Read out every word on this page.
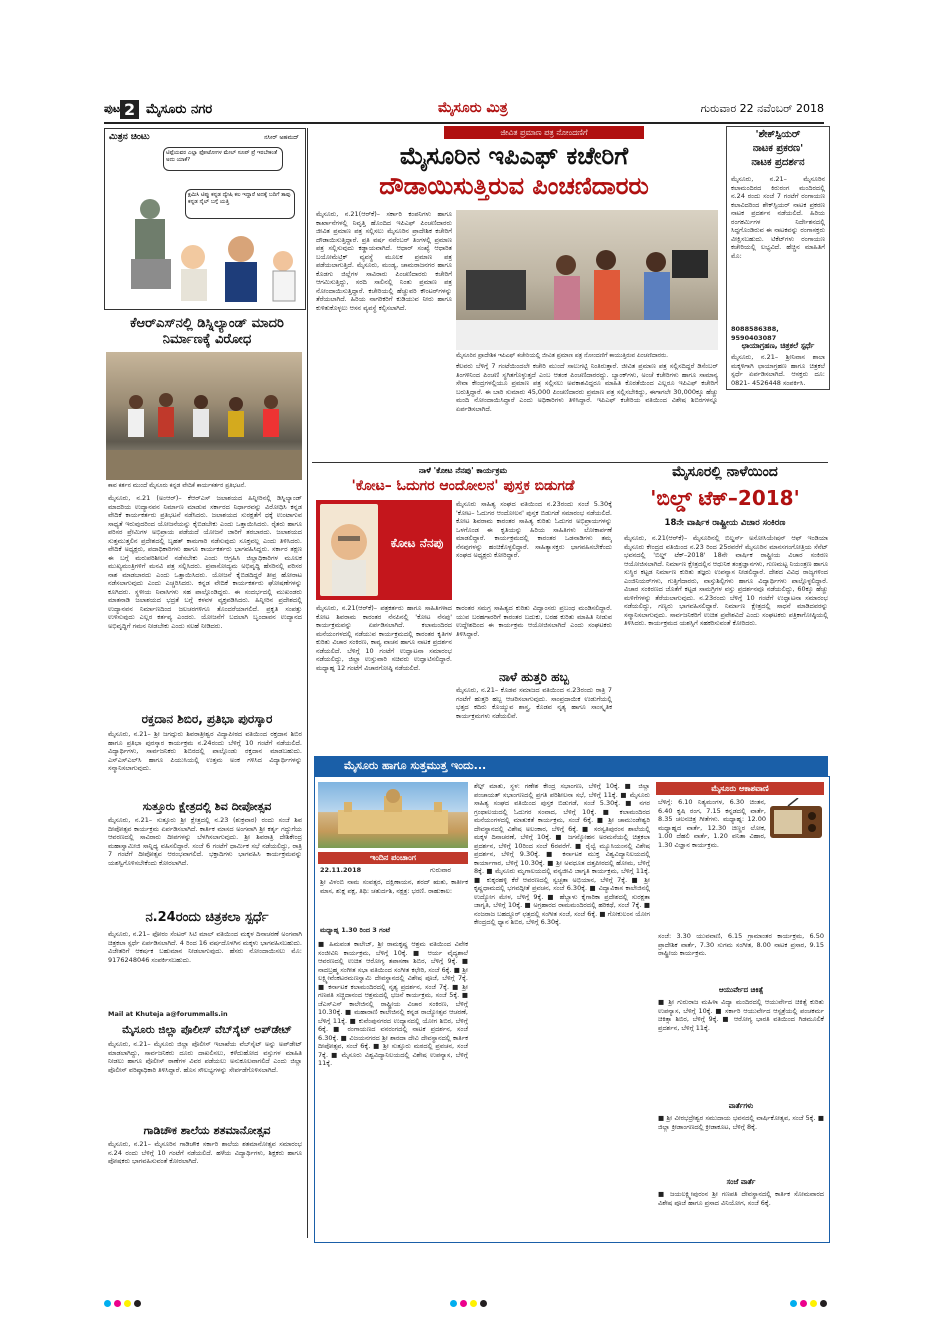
ಪುಟ 2 ಮೈಸೂರು ನಗರ	ಮೈಸೂರು ಮಿತ್ರ	ಗುರುವಾರ 22 ನವೆಂಬರ್ 2018
ಮಿತ್ರನ ಚಿಂಟು	ನಸೀರ್ ಅಹಮದ್
ಟಿಪ್ಪೆಯವರ ಎಲ್ಲಾ ಫೋಟೋಗಳ ಮೇಲ್ ಸೂಪ್ ಪ್ರೆ ಇರಬೇಕಂತೆ ಅದು ಯಾಕೆ?
ಕ್ಷಮಿಸಿ ಟಿಪ್ಪು ಕನ್ನಡ ದ್ವೇಷಿ ಕಲ ಇದ್ದಾರೆ ಅದಕ್ಕೆ ಬದಿಗೆ ತಾವು ಕನ್ನಡ ನೈಲ್ ಬಗ್ಗೆ ಯತ್ತಿ
ಕೆಆರ್‌ಎಸ್‌ನಲ್ಲಿ ಡಿಸ್ನಿಲ್ಯಾಂಡ್ ಮಾದರಿ ನಿರ್ಮಾಣಕ್ಕೆ ವಿರೋಧ
ಕಾವ ಕರ್ತನ ಮುಂದೆ ಮೈಸೂರು ಕನ್ನಡ ವೇದಿಕೆ ಕಾರ್ಯಕರ್ತರ ಪ್ರತಿಭಟನೆ.
ಮೈಸೂರು, ನ.21 (ಅಂಆರ್)– ಕೆಆರ್‌ಎಸ್ ಜಲಾಶಯದ ಹಿನ್ನೀರಿನಲ್ಲಿ ಡಿಸ್ನಿಲ್ಯಾಂಡ್ ಮಾದರಿಯ ಉದ್ಯಾನವನ ನಿರ್ಮಾಣ ಮಾಡುವ ಸರ್ಕಾರದ ನಿರ್ಧಾರವನ್ನು ವಿರೋಧಿಸಿ ಕನ್ನಡ ವೇದಿಕೆ ಕಾರ್ಯಕರ್ತರು ಪ್ರತಿಭಟನೆ ನಡೆಸಿದರು. ಜಲಾಶಯದ ಸುರಕ್ಷತೆಗೆ ಧಕ್ಕೆ ಉಂಟಾಗುವ ಸಾಧ್ಯತೆ ಇರುವುದರಿಂದ ಯೋಜನೆಯನ್ನು ಕೈಬಿಡಬೇಕು ಎಂದು ಒತ್ತಾಯಿಸಿದರು. ರೈತರು ಹಾಗೂ ಪರಿಸರ ಪ್ರೇಮಿಗಳ ಅಭಿಪ್ರಾಯ ಪಡೆಯದೆ ಯೋಜನೆ ಜಾರಿಗೆ ತರಬಾರದು. ಜಲಾಶಯದ ಸುತ್ತಮುತ್ತಲಿನ ಪ್ರದೇಶದಲ್ಲಿ ಬೃಹತ್ ಕಾಮಗಾರಿ ನಡೆಸುವುದು ಸೂಕ್ತವಲ್ಲ ಎಂದು ತಿಳಿಸಿದರು. ವೇದಿಕೆ ಅಧ್ಯಕ್ಷರು, ಪದಾಧಿಕಾರಿಗಳು ಹಾಗೂ ಕಾರ್ಯಕರ್ತರು ಭಾಗವಹಿಸಿದ್ದರು. ಸರ್ಕಾರ ತಕ್ಷಣ ಈ ಬಗ್ಗೆ ಮರುಪರಿಶೀಲನೆ ನಡೆಸಬೇಕು ಎಂದು ಆಗ್ರಹಿಸಿ ಜಿಲ್ಲಾಧಿಕಾರಿಗಳ ಮೂಲಕ ಮುಖ್ಯಮಂತ್ರಿಗಳಿಗೆ ಮನವಿ ಪತ್ರ ಸಲ್ಲಿಸಿದರು. ಪ್ರವಾಸೋದ್ಯಮ ಅಭಿವೃದ್ಧಿ ಹೆಸರಿನಲ್ಲಿ ಪರಿಸರ ನಾಶ ಮಾಡಬಾರದು ಎಂದು ಒತ್ತಾಯಿಸಿದರು. ಯೋಜನೆ ಕೈಬಿಡದಿದ್ದರೆ ತೀವ್ರ ಹೋರಾಟ ನಡೆಸಲಾಗುವುದು ಎಂದು ಎಚ್ಚರಿಸಿದರು. ಕನ್ನಡ ವೇದಿಕೆ ಕಾರ್ಯಕರ್ತರು ಘೋಷಣೆಗಳನ್ನು ಕೂಗಿದರು. ಸ್ಥಳೀಯ ನಿವಾಸಿಗಳು ಸಹ ಪಾಲ್ಗೊಂಡಿದ್ದರು. ಈ ಸಂದರ್ಭದಲ್ಲಿ ಮುಖಂಡರು ಮಾತನಾಡಿ ಜಲಾಶಯದ ಭದ್ರತೆ ಬಗ್ಗೆ ಕಳವಳ ವ್ಯಕ್ತಪಡಿಸಿದರು. ಹಿನ್ನೀರಿನ ಪ್ರದೇಶದಲ್ಲಿ ಉದ್ಯಾನವನ ನಿರ್ಮಾಣದಿಂದ ಜಲಚರಗಳಿಗೂ ತೊಂದರೆಯಾಗಲಿದೆ. ಪ್ರಕೃತಿ ಸಂಪತ್ತು ಉಳಿಸುವುದು ಎಲ್ಲರ ಕರ್ತವ್ಯ ಎಂದರು. ಯೋಜನೆಗೆ ಬದಲಾಗಿ ಬೃಂದಾವನ ಉದ್ಯಾನದ ಅಭಿವೃದ್ಧಿಗೆ ಗಮನ ನೀಡಬೇಕು ಎಂದು ಸಲಹೆ ನೀಡಿದರು.
ರಕ್ತದಾನ ಶಿಬಿರ, ಪ್ರತಿಭಾ ಪುರಸ್ಕಾರ
ಮೈಸೂರು, ನ.21– ಶ್ರೀ ಜಗದ್ಗುರು ಶಿವರಾತ್ರೀಶ್ವರ ವಿದ್ಯಾಪೀಠದ ವತಿಯಿಂದ ರಕ್ತದಾನ ಶಿಬಿರ ಹಾಗೂ ಪ್ರತಿಭಾ ಪುರಸ್ಕಾರ ಕಾರ್ಯಕ್ರಮ ನ.24ರಂದು ಬೆಳಿಗ್ಗೆ 10 ಗಂಟೆಗೆ ನಡೆಯಲಿದೆ. ವಿದ್ಯಾರ್ಥಿಗಳು, ಸಾರ್ವಜನಿಕರು ಶಿಬಿರದಲ್ಲಿ ಪಾಲ್ಗೊಂಡು ರಕ್ತದಾನ ಮಾಡಬಹುದು. ಎಸ್‌ಎಸ್‌ಎಲ್‌ಸಿ ಹಾಗೂ ಪಿಯುಸಿಯಲ್ಲಿ ಉತ್ತಮ ಅಂಕ ಗಳಿಸಿದ ವಿದ್ಯಾರ್ಥಿಗಳನ್ನು ಸನ್ಮಾನಿಸಲಾಗುವುದು.
ಸುತ್ತೂರು ಕ್ಷೇತ್ರದಲ್ಲಿ ಶಿವ ದೀಪೋತ್ಸವ
ಮೈಸೂರು, ನ.21– ಸುತ್ತೂರು ಶ್ರೀ ಕ್ಷೇತ್ರದಲ್ಲಿ ನ.23 (ಶುಕ್ರವಾರ) ರಂದು ಸಂಜೆ ಶಿವ ದೀಪೋತ್ಸವ ಕಾರ್ಯಕ್ರಮ ಏರ್ಪಡಿಸಲಾಗಿದೆ. ಕಾರ್ತಿಕ ಮಾಸದ ಅಂಗವಾಗಿ ಶ್ರೀ ಕರ್ತೃ ಗದ್ದುಗೆಯ ಆವರಣದಲ್ಲಿ ಸಾವಿರಾರು ದೀಪಗಳನ್ನು ಬೆಳಗಿಸಲಾಗುವುದು. ಶ್ರೀ ಶಿವರಾತ್ರಿ ದೇಶಿಕೇಂದ್ರ ಮಹಾಸ್ವಾಮೀಜಿ ಸಾನ್ನಿಧ್ಯ ವಹಿಸಲಿದ್ದಾರೆ. ಸಂಜೆ 6 ಗಂಟೆಗೆ ಧಾರ್ಮಿಕ ಸಭೆ ನಡೆಯಲಿದ್ದು, ರಾತ್ರಿ 7 ಗಂಟೆಗೆ ದೀಪೋತ್ಸವ ಆರಂಭವಾಗಲಿದೆ. ಭಕ್ತಾದಿಗಳು ಭಾಗವಹಿಸಿ ಕಾರ್ಯಕ್ರಮವನ್ನು ಯಶಸ್ವಿಗೊಳಿಸಬೇಕೆಂದು ಕೋರಲಾಗಿದೆ.
ನ.24ರಂದು ಚಿತ್ರಕಲಾ ಸ್ಪರ್ಧೆ
ಮೈಸೂರು, ನ.21– ಫೋರಂ ಸೆಂಟರ್ ಸಿಟಿ ಮಾಲ್ ವತಿಯಿಂದ ಮಕ್ಕಳ ದಿನಾಚರಣೆ ಅಂಗವಾಗಿ ಚಿತ್ರಕಲಾ ಸ್ಪರ್ಧೆ ಏರ್ಪಡಿಸಲಾಗಿದೆ. 4 ರಿಂದ 16 ವರ್ಷದೊಳಗಿನ ಮಕ್ಕಳು ಭಾಗವಹಿಸಬಹುದು. ವಿಜೇತರಿಗೆ ಆಕರ್ಷಕ ಬಹುಮಾನ ನೀಡಲಾಗುವುದು. ಹೆಸರು ನೋಂದಾಯಿಸಲು ಮೊ: 9176248046 ಸಂಪರ್ಕಿಸಬಹುದು.
Mail at Khuteja a@forummalls.in
ಮೈಸೂರು ಜಿಲ್ಲಾ ಪೊಲೀಸ್ ವೆಬ್‌ಸೈಟ್ ಅಪ್‌ಡೇಟ್
ಮೈಸೂರು, ನ.21– ಮೈಸೂರು ಜಿಲ್ಲಾ ಪೊಲೀಸ್ ಇಲಾಖೆಯ ವೆಬ್‌ಸೈಟ್ ಅನ್ನು ಅಪ್‌ಡೇಟ್ ಮಾಡಲಾಗಿದ್ದು, ಸಾರ್ವಜನಿಕರು ದೂರು ದಾಖಲಿಸಲು, ಕಳೆದುಹೋದ ವಸ್ತುಗಳ ಮಾಹಿತಿ ನೀಡಲು ಹಾಗೂ ಪೊಲೀಸ್ ಠಾಣೆಗಳ ವಿವರ ಪಡೆಯಲು ಅನುಕೂಲವಾಗಲಿದೆ ಎಂದು ಜಿಲ್ಲಾ ಪೊಲೀಸ್ ವರಿಷ್ಠಾಧಿಕಾರಿ ತಿಳಿಸಿದ್ದಾರೆ. ಹೊಸ ಸೌಲಭ್ಯಗಳನ್ನು ಸೇರ್ಪಡೆಗೊಳಿಸಲಾಗಿದೆ.
ಗಾಡಿಚೌಕ ಶಾಲೆಯ ಶತಮಾನೋತ್ಸವ
ಮೈಸೂರು, ನ.21– ಮೈಸೂರಿನ ಗಾಡಿಚೌಕ ಸರ್ಕಾರಿ ಶಾಲೆಯ ಶತಮಾನೋತ್ಸವ ಸಮಾರಂಭ ನ.24 ರಂದು ಬೆಳಿಗ್ಗೆ 10 ಗಂಟೆಗೆ ನಡೆಯಲಿದೆ. ಹಳೆಯ ವಿದ್ಯಾರ್ಥಿಗಳು, ಶಿಕ್ಷಕರು ಹಾಗೂ ಪೋಷಕರು ಭಾಗವಹಿಸುವಂತೆ ಕೋರಲಾಗಿದೆ.
ಜೀವಿತ ಪ್ರಮಾಣ ಪತ್ರ ನೋಂದಣಿಗೆ
ಮೈಸೂರಿನ ಇಪಿಎಫ್ ಕಚೇರಿಗೆ
ದೌಡಾಯಿಸುತ್ತಿರುವ ಪಿಂಚಣಿದಾರರು
ಮೈಸೂರು, ನ.21(ಆರ್‌ಕೆ)– ಸರ್ಕಾರಿ ಕಂಪನಿಗಳು ಹಾಗೂ ಕಾರ್ಖಾನೆಗಳಲ್ಲಿ ನಿವೃತ್ತಿ ಹೊಂದಿದ ಇಪಿಎಫ್ ಪಿಂಚಣಿದಾರರು ಜೀವಿತ ಪ್ರಮಾಣ ಪತ್ರ ಸಲ್ಲಿಸಲು ಮೈಸೂರಿನ ಪ್ರಾದೇಶಿಕ ಕಚೇರಿಗೆ ದೌಡಾಯಿಸುತ್ತಿದ್ದಾರೆ. ಪ್ರತಿ ವರ್ಷ ನವೆಂಬರ್ ತಿಂಗಳಲ್ಲಿ ಪ್ರಮಾಣ ಪತ್ರ ಸಲ್ಲಿಸುವುದು ಕಡ್ಡಾಯವಾಗಿದೆ. ಆಧಾರ್ ಸಂಖ್ಯೆ ಆಧಾರಿತ ಬಯೋಮೆಟ್ರಿಕ್ ವ್ಯವಸ್ಥೆ ಮೂಲಕ ಪ್ರಮಾಣ ಪತ್ರ ಪಡೆಯಲಾಗುತ್ತಿದೆ. ಮೈಸೂರು, ಮಂಡ್ಯ, ಚಾಮರಾಜನಗರ ಹಾಗೂ ಕೊಡಗು ಜಿಲ್ಲೆಗಳ ಸಾವಿರಾರು ಪಿಂಚಣಿದಾರರು ಕಚೇರಿಗೆ ಆಗಮಿಸುತ್ತಿದ್ದು, ಸರದಿ ಸಾಲಿನಲ್ಲಿ ನಿಂತು ಪ್ರಮಾಣ ಪತ್ರ ನೋಂದಾಯಿಸುತ್ತಿದ್ದಾರೆ. ಕಚೇರಿಯಲ್ಲಿ ಹೆಚ್ಚುವರಿ ಕೌಂಟರ್‌ಗಳನ್ನು ತೆರೆಯಲಾಗಿದೆ. ಹಿರಿಯ ನಾಗರಿಕರಿಗೆ ಕುಡಿಯುವ ನೀರು ಹಾಗೂ ಕುಳಿತುಕೊಳ್ಳಲು ಆಸನ ವ್ಯವಸ್ಥೆ ಕಲ್ಪಿಸಲಾಗಿದೆ.
ಮೈಸೂರಿನ ಪ್ರಾದೇಶಿಕ ಇಪಿಎಫ್ ಕಚೇರಿಯಲ್ಲಿ ಜೀವಿತ ಪ್ರಮಾಣ ಪತ್ರ ನೋಂದಣಿಗೆ ಕಾಯುತ್ತಿರುವ ಪಿಂಚಣಿದಾರರು.
ಕೆಲವರು ಬೆಳಿಗ್ಗೆ 7 ಗಂಟೆಯಿಂದಲೇ ಕಚೇರಿ ಮುಂದೆ ಸಾಲುಗಟ್ಟಿ ನಿಂತಿರುತ್ತಾರೆ. ಜೀವಿತ ಪ್ರಮಾಣ ಪತ್ರ ಸಲ್ಲಿಸದಿದ್ದರೆ ಡಿಸೆಂಬರ್ ತಿಂಗಳಿನಿಂದ ಪಿಂಚಣಿ ಸ್ಥಗಿತಗೊಳ್ಳುತ್ತದೆ ಎಂಬ ಆತಂಕ ಪಿಂಚಣಿದಾರರದ್ದು. ಬ್ಯಾಂಕ್‌ಗಳು, ಅಂಚೆ ಕಚೇರಿಗಳು ಹಾಗೂ ಸಾಮಾನ್ಯ ಸೇವಾ ಕೇಂದ್ರಗಳಲ್ಲಿಯೂ ಪ್ರಮಾಣ ಪತ್ರ ಸಲ್ಲಿಸಲು ಅವಕಾಶವಿದ್ದರೂ ಮಾಹಿತಿ ಕೊರತೆಯಿಂದ ಎಲ್ಲರೂ ಇಪಿಎಫ್ ಕಚೇರಿಗೆ ಬರುತ್ತಿದ್ದಾರೆ. ಈ ಬಾರಿ ಸುಮಾರು 45,000 ಪಿಂಚಣಿದಾರರು ಪ್ರಮಾಣ ಪತ್ರ ಸಲ್ಲಿಸಬೇಕಿದ್ದು, ಈಗಾಗಲೇ 30,000ಕ್ಕೂ ಹೆಚ್ಚು ಮಂದಿ ನೋಂದಾಯಿಸಿದ್ದಾರೆ ಎಂದು ಅಧಿಕಾರಿಗಳು ತಿಳಿಸಿದ್ದಾರೆ. ಇಪಿಎಫ್ ಕಚೇರಿಯ ವತಿಯಿಂದ ವಿಶೇಷ ಶಿಬಿರಗಳನ್ನೂ ಏರ್ಪಡಿಸಲಾಗಿದೆ.
'ಶೇಕ್‌ಸ್ಪಿಯರ್
ನಾಟಕ ಪ್ರಕರಣ'
ನಾಟಕ ಪ್ರದರ್ಶನ
ಮೈಸೂರು, ನ.21– ಮೈಸೂರಿನ ಕಲಾಮಂದಿರದ ಕಿರುರಂಗ ಮಂದಿರದಲ್ಲಿ ನ.24 ರಂದು ಸಂಜೆ 7 ಗಂಟೆಗೆ ರಂಗಾಯಣ ಕಲಾವಿದರಿಂದ ಶೇಕ್‌ಸ್ಪಿಯರ್ ನಾಟಕ ಪ್ರಕರಣ ನಾಟಕ ಪ್ರದರ್ಶನ ನಡೆಯಲಿದೆ. ಹಿರಿಯ ರಂಗಕರ್ಮಿಗಳ ನಿರ್ದೇಶನದಲ್ಲಿ ಸಿದ್ಧಗೊಂಡಿರುವ ಈ ನಾಟಕವನ್ನು ರಂಗಾಸಕ್ತರು ವೀಕ್ಷಿಸಬಹುದು. ಟಿಕೆಟ್‌ಗಳು ರಂಗಾಯಣ ಕಚೇರಿಯಲ್ಲಿ ಲಭ್ಯವಿದೆ. ಹೆಚ್ಚಿನ ಮಾಹಿತಿಗೆ ಮೊ:
8088586388, 9590403087
ಛಾಯಾಗ್ರಹಣ, ಚಿತ್ರಕಲೆ ಸ್ಪರ್ಧೆ
ಮೈಸೂರು, ನ.21– ಶ್ರೀನಿವಾಸ ಶಾಲಾ ಮಕ್ಕಳಿಗಾಗಿ ಛಾಯಾಗ್ರಹಣ ಹಾಗೂ ಚಿತ್ರಕಲೆ ಸ್ಪರ್ಧೆ ಏರ್ಪಡಿಸಲಾಗಿದೆ. ಆಸಕ್ತರು ದೂ: 0821- 4526448 ಸಂಪರ್ಕಿಸಿ.
ನಾಳೆ 'ಕೋಟ ನೆನಪು' ಕಾರ್ಯಕ್ರಮ
'ಕೋಟ– ಓದುಗರ ಆಂದೋಲನ' ಪುಸ್ತಕ ಬಿಡುಗಡೆ
ಕೋಟ ನೆನಪು
ಮೈಸೂರು ಸಾಹಿತ್ಯ ಸಂಘದ ವತಿಯಿಂದ ನ.23ರಂದು ಸಂಜೆ 5.30ಕ್ಕೆ 'ಕೋಟ– ಓದುಗರ ಆಂದೋಲನ' ಪುಸ್ತಕ ಬಿಡುಗಡೆ ಸಮಾರಂಭ ನಡೆಯಲಿದೆ. ಕೋಟ ಶಿವರಾಮ ಕಾರಂತರ ಸಾಹಿತ್ಯ ಕುರಿತು ಓದುಗರ ಅಭಿಪ್ರಾಯಗಳನ್ನು ಒಳಗೊಂಡ ಈ ಕೃತಿಯನ್ನು ಹಿರಿಯ ಸಾಹಿತಿಗಳು ಲೋಕಾರ್ಪಣೆ ಮಾಡಲಿದ್ದಾರೆ. ಕಾರ್ಯಕ್ರಮದಲ್ಲಿ ಕಾರಂತರ ಒಡನಾಡಿಗಳು ತಮ್ಮ ನೆನಪುಗಳನ್ನು ಹಂಚಿಕೊಳ್ಳಲಿದ್ದಾರೆ. ಸಾಹಿತ್ಯಾಸಕ್ತರು ಭಾಗವಹಿಸಬೇಕೆಂದು ಸಂಘದ ಅಧ್ಯಕ್ಷರು ಕೋರಿದ್ದಾರೆ.
ಮೈಸೂರು, ನ.21(ಆರ್‌ಕೆ)– ಪತ್ರಕರ್ತರು ಹಾಗೂ ಸಾಹಿತಿಗಳಾದ ಕೋಟ ಶಿವರಾಮ ಕಾರಂತರ ನೆನಪಿನಲ್ಲಿ 'ಕೋಟ ನೆನಪು' ಕಾರ್ಯಕ್ರಮವನ್ನು ಏರ್ಪಡಿಸಲಾಗಿದೆ. ಕಲಾಮಂದಿರದ ಮನೆಯಂಗಳದಲ್ಲಿ ನಡೆಯುವ ಕಾರ್ಯಕ್ರಮದಲ್ಲಿ ಕಾರಂತರ ಕೃತಿಗಳ ಕುರಿತು ವಿಚಾರ ಸಂಕಿರಣ, ಕಾವ್ಯ ವಾಚನ ಹಾಗೂ ನಾಟಕ ಪ್ರದರ್ಶನ ನಡೆಯಲಿದೆ. ಬೆಳಿಗ್ಗೆ 10 ಗಂಟೆಗೆ ಉದ್ಘಾಟನಾ ಸಮಾರಂಭ ನಡೆಯಲಿದ್ದು, ಜಿಲ್ಲಾ ಉಸ್ತುವಾರಿ ಸಚಿವರು ಉದ್ಘಾಟಿಸಲಿದ್ದಾರೆ. ಮಧ್ಯಾಹ್ನ 12 ಗಂಟೆಗೆ ವಿಚಾರಗೋಷ್ಠಿ ನಡೆಯಲಿದೆ.
ಕಾರಂತರ ಸಮಗ್ರ ಸಾಹಿತ್ಯದ ಕುರಿತು ವಿದ್ವಾಂಸರು ಪ್ರಬಂಧ ಮಂಡಿಸಲಿದ್ದಾರೆ. ಯುವ ಬರಹಗಾರರಿಗೆ ಕಾರಂತರ ಬದುಕು, ಬರಹ ಕುರಿತು ಮಾಹಿತಿ ನೀಡುವ ಉದ್ದೇಶದಿಂದ ಈ ಕಾರ್ಯಕ್ರಮ ಆಯೋಜಿಸಲಾಗಿದೆ ಎಂದು ಸಂಘಟಕರು ತಿಳಿಸಿದ್ದಾರೆ.
ನಾಳೆ ಹುತ್ತರಿ ಹಬ್ಬ
ಮೈಸೂರು, ನ.21– ಕೊಡವ ಸಮಾಜದ ವತಿಯಿಂದ ನ.23ರಂದು ರಾತ್ರಿ 7 ಗಂಟೆಗೆ ಹುತ್ತರಿ ಹಬ್ಬ ಆಚರಿಸಲಾಗುವುದು. ಸಾಂಪ್ರದಾಯಿಕ ಉಡುಗೆಯಲ್ಲಿ ಭತ್ತದ ಕದಿರು ಕೊಯ್ಯುವ ಶಾಸ್ತ್ರ, ಕೊಡವ ನೃತ್ಯ ಹಾಗೂ ಸಾಂಸ್ಕೃತಿಕ ಕಾರ್ಯಕ್ರಮಗಳು ನಡೆಯಲಿವೆ.
ಮೈಸೂರಲ್ಲಿ ನಾಳೆಯಿಂದ
'ಬಿಲ್ಡ್ ಟೆಕ್–2018'
18ನೇ ವಾರ್ಷಿಕ ರಾಷ್ಟ್ರೀಯ ವಿಚಾರ ಸಂಕಿರಣ
ಮೈಸೂರು, ನ.21(ಆರ್‌ಕೆ)– ಮೈಸೂರಿನಲ್ಲಿ ಬಿಲ್ಡರ್ಸ್ ಅಸೋಸಿಯೇಷನ್ ಆಫ್ ಇಂಡಿಯಾ ಮೈಸೂರು ಕೇಂದ್ರದ ವತಿಯಿಂದ ನ.23 ರಿಂದ 25ರವರೆಗೆ ಮೈಸೂರಿನ ಮಾನಸಗಂಗೋತ್ರಿಯ ಸೆನೆಟ್ ಭವನದಲ್ಲಿ 'ಬಿಲ್ಡ್ ಟೆಕ್–2018' 18ನೇ ವಾರ್ಷಿಕ ರಾಷ್ಟ್ರೀಯ ವಿಚಾರ ಸಂಕಿರಣ ಆಯೋಜಿಸಲಾಗಿದೆ. ನಿರ್ಮಾಣ ಕ್ಷೇತ್ರದಲ್ಲಿನ ಆಧುನಿಕ ತಂತ್ರಜ್ಞಾನಗಳು, ಗುಣಮಟ್ಟ ನಿಯಂತ್ರಣ ಹಾಗೂ ಸುಸ್ಥಿರ ಕಟ್ಟಡ ನಿರ್ಮಾಣ ಕುರಿತು ತಜ್ಞರು ಉಪನ್ಯಾಸ ನೀಡಲಿದ್ದಾರೆ. ದೇಶದ ವಿವಿಧ ರಾಜ್ಯಗಳಿಂದ ಎಂಜಿನಿಯರ್‌ಗಳು, ಗುತ್ತಿಗೆದಾರರು, ವಾಸ್ತುಶಿಲ್ಪಿಗಳು ಹಾಗೂ ವಿದ್ಯಾರ್ಥಿಗಳು ಪಾಲ್ಗೊಳ್ಳಲಿದ್ದಾರೆ. ವಿಚಾರ ಸಂಕಿರಣದ ಜೊತೆಗೆ ಕಟ್ಟಡ ಸಾಮಗ್ರಿಗಳ ವಸ್ತು ಪ್ರದರ್ಶನವೂ ನಡೆಯಲಿದ್ದು, 60ಕ್ಕೂ ಹೆಚ್ಚು ಮಳಿಗೆಗಳನ್ನು ತೆರೆಯಲಾಗುವುದು. ನ.23ರಂದು ಬೆಳಿಗ್ಗೆ 10 ಗಂಟೆಗೆ ಉದ್ಘಾಟನಾ ಸಮಾರಂಭ ನಡೆಯಲಿದ್ದು, ಗಣ್ಯರು ಭಾಗವಹಿಸಲಿದ್ದಾರೆ. ನಿರ್ಮಾಣ ಕ್ಷೇತ್ರದಲ್ಲಿ ಸಾಧನೆ ಮಾಡಿದವರನ್ನು ಸನ್ಮಾನಿಸಲಾಗುವುದು. ಸಾರ್ವಜನಿಕರಿಗೆ ಉಚಿತ ಪ್ರವೇಶವಿದೆ ಎಂದು ಸಂಘಟಕರು ಪತ್ರಿಕಾಗೋಷ್ಠಿಯಲ್ಲಿ ತಿಳಿಸಿದರು. ಕಾರ್ಯಕ್ರಮದ ಯಶಸ್ಸಿಗೆ ಸಹಕರಿಸುವಂತೆ ಕೋರಿದರು.
ಮೈಸೂರು ಹಾಗೂ ಸುತ್ತಮುತ್ತ ಇಂದು...
ಇಂದಿನ ಪಂಚಾಂಗ
22.11.2018	ಗುರುವಾರ
ಶ್ರೀ ವಿಳಂಬಿ ನಾಮ ಸಂವತ್ಸರ, ದಕ್ಷಿಣಾಯನ, ಶರದ್ ಋತು, ಕಾರ್ತೀಕ ಮಾಸ, ಶುಕ್ಲ ಪಕ್ಷ, ತಿಥಿ: ಚತುರ್ದಶಿ, ನಕ್ಷತ್ರ: ಭರಣಿ. ರಾಹುಕಾಲ:
ಮಧ್ಯಾಹ್ನ 1.30 ರಿಂದ 3 ಗಂಟೆ
■ ಹಿಮವಂತ ಕಾಲೇಜ್, ಶ್ರೀ ರಾಮಕೃಷ್ಣ ಆಶ್ರಮ ವತಿಯಿಂದ ವಿವೇಕ ಸಂಜೀವಿನಿ ಕಾರ್ಯಕ್ರಮ, ಬೆಳಿಗ್ಗೆ 10ಕ್ಕೆ. ■ ಆರ್ಯ ವೈದ್ಯಶಾಲೆ ಆವರಣದಲ್ಲಿ ಉಚಿತ ಆರೋಗ್ಯ ತಪಾಸಣಾ ಶಿಬಿರ, ಬೆಳಿಗ್ಗೆ 9ಕ್ಕೆ. ■ ನಾದಬ್ರಹ್ಮ ಸಂಗೀತ ಸಭಾ ವತಿಯಿಂದ ಸಂಗೀತ ಕಛೇರಿ, ಸಂಜೆ 6ಕ್ಕೆ. ■ ಶ್ರೀ ಲಕ್ಷ್ಮೀವೆಂಕಟರಮಣಸ್ವಾಮಿ ದೇವಸ್ಥಾನದಲ್ಲಿ ವಿಶೇಷ ಪೂಜೆ, ಬೆಳಿಗ್ಗೆ 7ಕ್ಕೆ. ■ ಕರ್ನಾಟಕ ಕಲಾಮಂದಿರದಲ್ಲಿ ನೃತ್ಯ ಪ್ರದರ್ಶನ, ಸಂಜೆ 7ಕ್ಕೆ. ■ ಶ್ರೀ ಗಣಪತಿ ಸಚ್ಚಿದಾನಂದ ಆಶ್ರಮದಲ್ಲಿ ಭಜನೆ ಕಾರ್ಯಕ್ರಮ, ಸಂಜೆ 5ಕ್ಕೆ. ■ ಜೆಎಸ್‌ಎಸ್ ಕಾಲೇಜಿನಲ್ಲಿ ರಾಷ್ಟ್ರೀಯ ವಿಚಾರ ಸಂಕಿರಣ, ಬೆಳಿಗ್ಗೆ 10.30ಕ್ಕೆ. ■ ಮಹಾರಾಣಿ ಕಾಲೇಜಿನಲ್ಲಿ ಕನ್ನಡ ರಾಜ್ಯೋತ್ಸವ ಆಚರಣೆ, ಬೆಳಿಗ್ಗೆ 11ಕ್ಕೆ. ■ ಕುವೆಂಪುನಗರದ ಉದ್ಯಾನದಲ್ಲಿ ಯೋಗ ಶಿಬಿರ, ಬೆಳಿಗ್ಗೆ 6ಕ್ಕೆ. ■ ರಂಗಾಯಣದ ವನರಂಗದಲ್ಲಿ ನಾಟಕ ಪ್ರದರ್ಶನ, ಸಂಜೆ 6.30ಕ್ಕೆ. ■ ವಿಜಯನಗರದ ಶ್ರೀ ಶಾರದಾ ದೇವಿ ದೇವಸ್ಥಾನದಲ್ಲಿ ಕಾರ್ತಿಕ ದೀಪೋತ್ಸವ, ಸಂಜೆ 6ಕ್ಕೆ. ■ ಶ್ರೀ ಸುತ್ತೂರು ಮಠದಲ್ಲಿ ಪ್ರವಚನ, ಸಂಜೆ 7ಕ್ಕೆ. ■ ಮೈಸೂರು ವಿಶ್ವವಿದ್ಯಾನಿಲಯದಲ್ಲಿ ವಿಶೇಷ ಉಪನ್ಯಾಸ, ಬೆಳಿಗ್ಗೆ 11ಕ್ಕೆ.
ಶೆಲ್ಫ್ ಮಾತು, ಸ್ಥಳ: ಗಣೇಶ ಕೇಂದ್ರ ಸಭಾಂಗಣ, ಬೆಳಿಗ್ಗೆ 10ಕ್ಕೆ. ■ ಜಿಲ್ಲಾ ಪಂಚಾಯತ್ ಸಭಾಂಗಣದಲ್ಲಿ ಪ್ರಗತಿ ಪರಿಶೀಲನಾ ಸಭೆ, ಬೆಳಿಗ್ಗೆ 11ಕ್ಕೆ. ■ ಮೈಸೂರು ಸಾಹಿತ್ಯ ಸಂಘದ ವತಿಯಿಂದ ಪುಸ್ತಕ ಬಿಡುಗಡೆ, ಸಂಜೆ 5.30ಕ್ಕೆ. ■ ನಗರ ಗ್ರಂಥಾಲಯದಲ್ಲಿ ಓದುಗರ ಸಂವಾದ, ಬೆಳಿಗ್ಗೆ 10ಕ್ಕೆ. ■ ಕಲಾಮಂದಿರದ ಮನೆಯಂಗಳದಲ್ಲಿ ಮಾತುಕತೆ ಕಾರ್ಯಕ್ರಮ, ಸಂಜೆ 6ಕ್ಕೆ. ■ ಶ್ರೀ ಚಾಮುಂಡೇಶ್ವರಿ ದೇವಸ್ಥಾನದಲ್ಲಿ ವಿಶೇಷ ಅಲಂಕಾರ, ಬೆಳಿಗ್ಗೆ 6ಕ್ಕೆ. ■ ಸರಸ್ವತಿಪುರಂನ ಶಾಲೆಯಲ್ಲಿ ಮಕ್ಕಳ ದಿನಾಚರಣೆ, ಬೆಳಿಗ್ಗೆ 10ಕ್ಕೆ. ■ ಜಗನ್ಮೋಹನ ಅರಮನೆಯಲ್ಲಿ ಚಿತ್ರಕಲಾ ಪ್ರದರ್ಶನ, ಬೆಳಿಗ್ಗೆ 10ರಿಂದ ಸಂಜೆ 6ರವರೆಗೆ. ■ ರೈಲ್ವೆ ಮ್ಯೂಸಿಯಂನಲ್ಲಿ ವಿಶೇಷ ಪ್ರದರ್ಶನ, ಬೆಳಿಗ್ಗೆ 9.30ಕ್ಕೆ. ■ ಕರ್ನಾಟಕ ಮುಕ್ತ ವಿಶ್ವವಿದ್ಯಾನಿಲಯದಲ್ಲಿ ಕಾರ್ಯಾಗಾರ, ಬೆಳಿಗ್ಗೆ 10.30ಕ್ಕೆ. ■ ಶ್ರೀ ಅವಧೂತ ದತ್ತಪೀಠದಲ್ಲಿ ಹೋಮ, ಬೆಳಿಗ್ಗೆ 8ಕ್ಕೆ. ■ ಮೈಸೂರು ಮೃಗಾಲಯದಲ್ಲಿ ವನ್ಯಜೀವಿ ಜಾಗೃತಿ ಕಾರ್ಯಕ್ರಮ, ಬೆಳಿಗ್ಗೆ 11ಕ್ಕೆ. ■ ಕುಕ್ಕರಹಳ್ಳಿ ಕೆರೆ ಆವರಣದಲ್ಲಿ ಸ್ವಚ್ಛತಾ ಅಭಿಯಾನ, ಬೆಳಿಗ್ಗೆ 7ಕ್ಕೆ. ■ ಶ್ರೀ ಕೃಷ್ಣಧಾಮದಲ್ಲಿ ಭಗವದ್ಗೀತೆ ಪ್ರವಚನ, ಸಂಜೆ 6.30ಕ್ಕೆ. ■ ವಿದ್ಯಾವಿಕಾಸ ಕಾಲೇಜಿನಲ್ಲಿ ಉದ್ಯೋಗ ಮೇಳ, ಬೆಳಿಗ್ಗೆ 9ಕ್ಕೆ. ■ ಹೆಬ್ಬಾಳು ಕೈಗಾರಿಕಾ ಪ್ರದೇಶದಲ್ಲಿ ಸುರಕ್ಷತಾ ಜಾಗೃತಿ, ಬೆಳಿಗ್ಗೆ 10ಕ್ಕೆ. ■ ಅಗ್ರಹಾರದ ರಾಮಮಂದಿರದಲ್ಲಿ ಹರಿಕಥೆ, ಸಂಜೆ 7ಕ್ಕೆ. ■ ನಂಜರಾಜ ಬಹದ್ದೂರ್ ಛತ್ರದಲ್ಲಿ ಸಂಗೀತ ಸಂಜೆ, ಸಂಜೆ 6ಕ್ಕೆ. ■ ಗೋಕುಲಂನ ಯೋಗ ಕೇಂದ್ರದಲ್ಲಿ ಧ್ಯಾನ ಶಿಬಿರ, ಬೆಳಿಗ್ಗೆ 6.30ಕ್ಕೆ.
ಮೈಸೂರು ಆಕಾಶವಾಣಿ
ಬೆಳಿಗ್ಗೆ: 6.10 ನಿತ್ಯಮಂಗಳ, 6.30 ಚಿಂತನ, 6.40 ಕೃಷಿ ರಂಗ, 7.15 ಕನ್ನಡದಲ್ಲಿ ವಾರ್ತೆ, 8.35 ಚಲನಚಿತ್ರ ಗೀತೆಗಳು. ಮಧ್ಯಾಹ್ನ: 12.00 ಮಧ್ಯಾಹ್ನದ ವಾರ್ತೆ, 12.30 ಚಿಣ್ಣರ ಲೋಕ, 1.00 ದೆಹಲಿ ವಾರ್ತೆ, 1.20 ವನಿತಾ ವಿಹಾರ, 1.30 ವಿಜ್ಞಾನ ಕಾರ್ಯಕ್ರಮ.
ಸಂಜೆ: 3.30 ಯುವವಾಣಿ, 6.15 ಗ್ರಾಮಾಂತರ ಕಾರ್ಯಕ್ರಮ, 6.50 ಪ್ರಾದೇಶಿಕ ವಾರ್ತೆ, 7.30 ಸುಗಮ ಸಂಗೀತ, 8.00 ನಾಟಕ ಪ್ರಸಾರ, 9.15 ರಾಷ್ಟ್ರೀಯ ಕಾರ್ಯಕ್ರಮ.
ಆಯುರ್ವೇದ ಚಿಕಿತ್ಸೆ
■ ಶ್ರೀ ಗುರುರಾಜ ಮಹಿಳಾ ವಿದ್ಯಾ ಮಂದಿರದಲ್ಲಿ ಆಯುರ್ವೇದ ಚಿಕಿತ್ಸೆ ಕುರಿತು ಉಪನ್ಯಾಸ, ಬೆಳಿಗ್ಗೆ 10ಕ್ಕೆ. ■ ಸರ್ಕಾರಿ ಆಯುರ್ವೇದ ಆಸ್ಪತ್ರೆಯಲ್ಲಿ ಪಂಚಕರ್ಮ ಚಿಕಿತ್ಸಾ ಶಿಬಿರ, ಬೆಳಿಗ್ಗೆ 9ಕ್ಕೆ. ■ ಆರೋಗ್ಯ ಭಾರತಿ ವತಿಯಿಂದ ಗಿಡಮೂಲಿಕೆ ಪ್ರದರ್ಶನ, ಬೆಳಿಗ್ಗೆ 11ಕ್ಕೆ.
ವಾರ್ತೆಗಳು
■ ಶ್ರೀ ವೀರಭದ್ರೇಶ್ವರ ಸಮುದಾಯ ಭವನದಲ್ಲಿ ವಾರ್ಷಿಕೋತ್ಸವ, ಸಂಜೆ 5ಕ್ಕೆ. ■ ಜಿಲ್ಲಾ ಕ್ರೀಡಾಂಗಣದಲ್ಲಿ ಕ್ರೀಡಾಕೂಟ, ಬೆಳಿಗ್ಗೆ 8ಕ್ಕೆ.
ಸಂಜೆ ವಾರ್ತೆ
■ ಜಯಲಕ್ಷ್ಮೀಪುರಂನ ಶ್ರೀ ಗಣಪತಿ ದೇವಸ್ಥಾನದಲ್ಲಿ ಕಾರ್ತಿಕ ಸೋಮವಾರದ ವಿಶೇಷ ಪೂಜೆ ಹಾಗೂ ಪ್ರಸಾದ ವಿನಿಯೋಗ, ಸಂಜೆ 6ಕ್ಕೆ.
